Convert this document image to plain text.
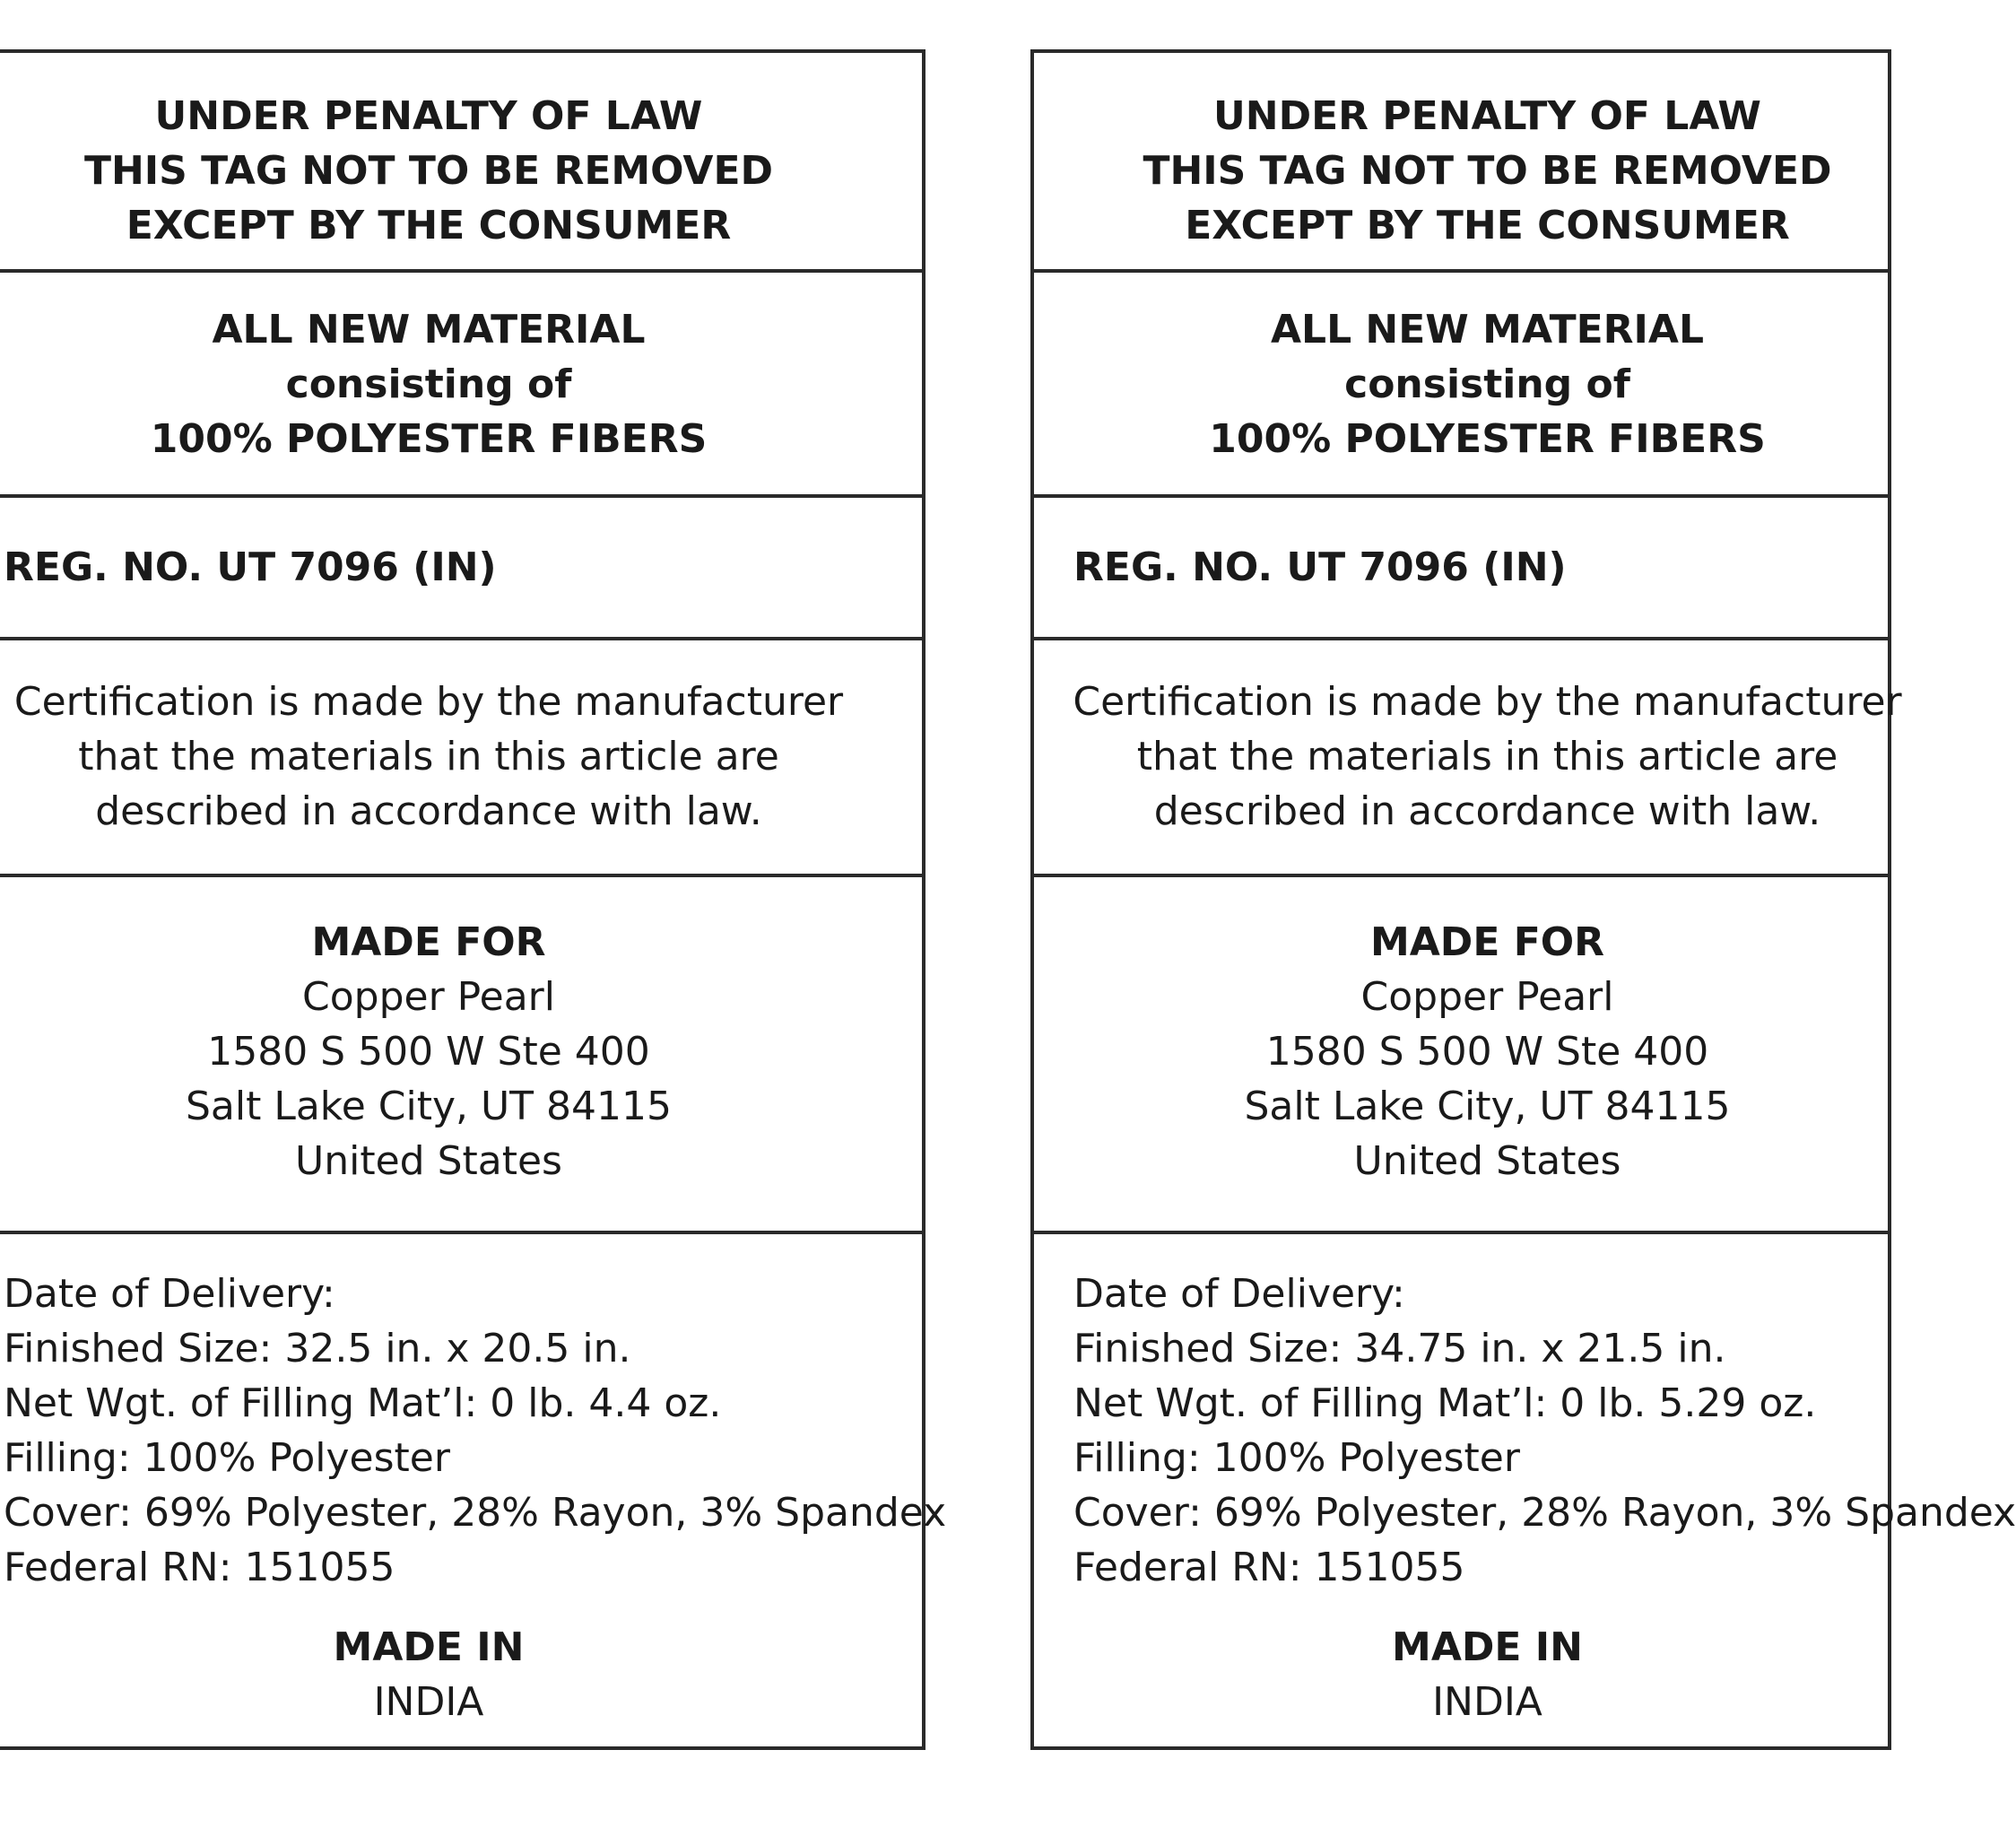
UNDER PENALTY OF LAW
THIS TAG NOT TO BE REMOVED
EXCEPT BY THE CONSUMER
ALL NEW MATERIAL
consisting of
100% POLYESTER FIBERS
REG. NO. UT 7096 (IN)
Certification is made by the manufacturer
that the materials in this article are
described in accordance with law.
MADE FOR
Copper Pearl
1580 S 500 W Ste 400
Salt Lake City, UT 84115
United States
Date of Delivery:
Finished Size: 32.5 in. x 20.5 in.
Net Wgt. of Filling Mat’l: 0 lb. 4.4 oz.
Filling: 100% Polyester
Cover: 69% Polyester, 28% Rayon, 3% Spandex
Federal RN: 151055
MADE IN
INDIA
UNDER PENALTY OF LAW
THIS TAG NOT TO BE REMOVED
EXCEPT BY THE CONSUMER
ALL NEW MATERIAL
consisting of
100% POLYESTER FIBERS
REG. NO. UT 7096 (IN)
Certification is made by the manufacturer
that the materials in this article are
described in accordance with law.
MADE FOR
Copper Pearl
1580 S 500 W Ste 400
Salt Lake City, UT 84115
United States
Date of Delivery:
Finished Size: 34.75 in. x 21.5 in.
Net Wgt. of Filling Mat’l: 0 lb. 5.29 oz.
Filling: 100% Polyester
Cover: 69% Polyester, 28% Rayon, 3% Spandex
Federal RN: 151055
MADE IN
INDIA
